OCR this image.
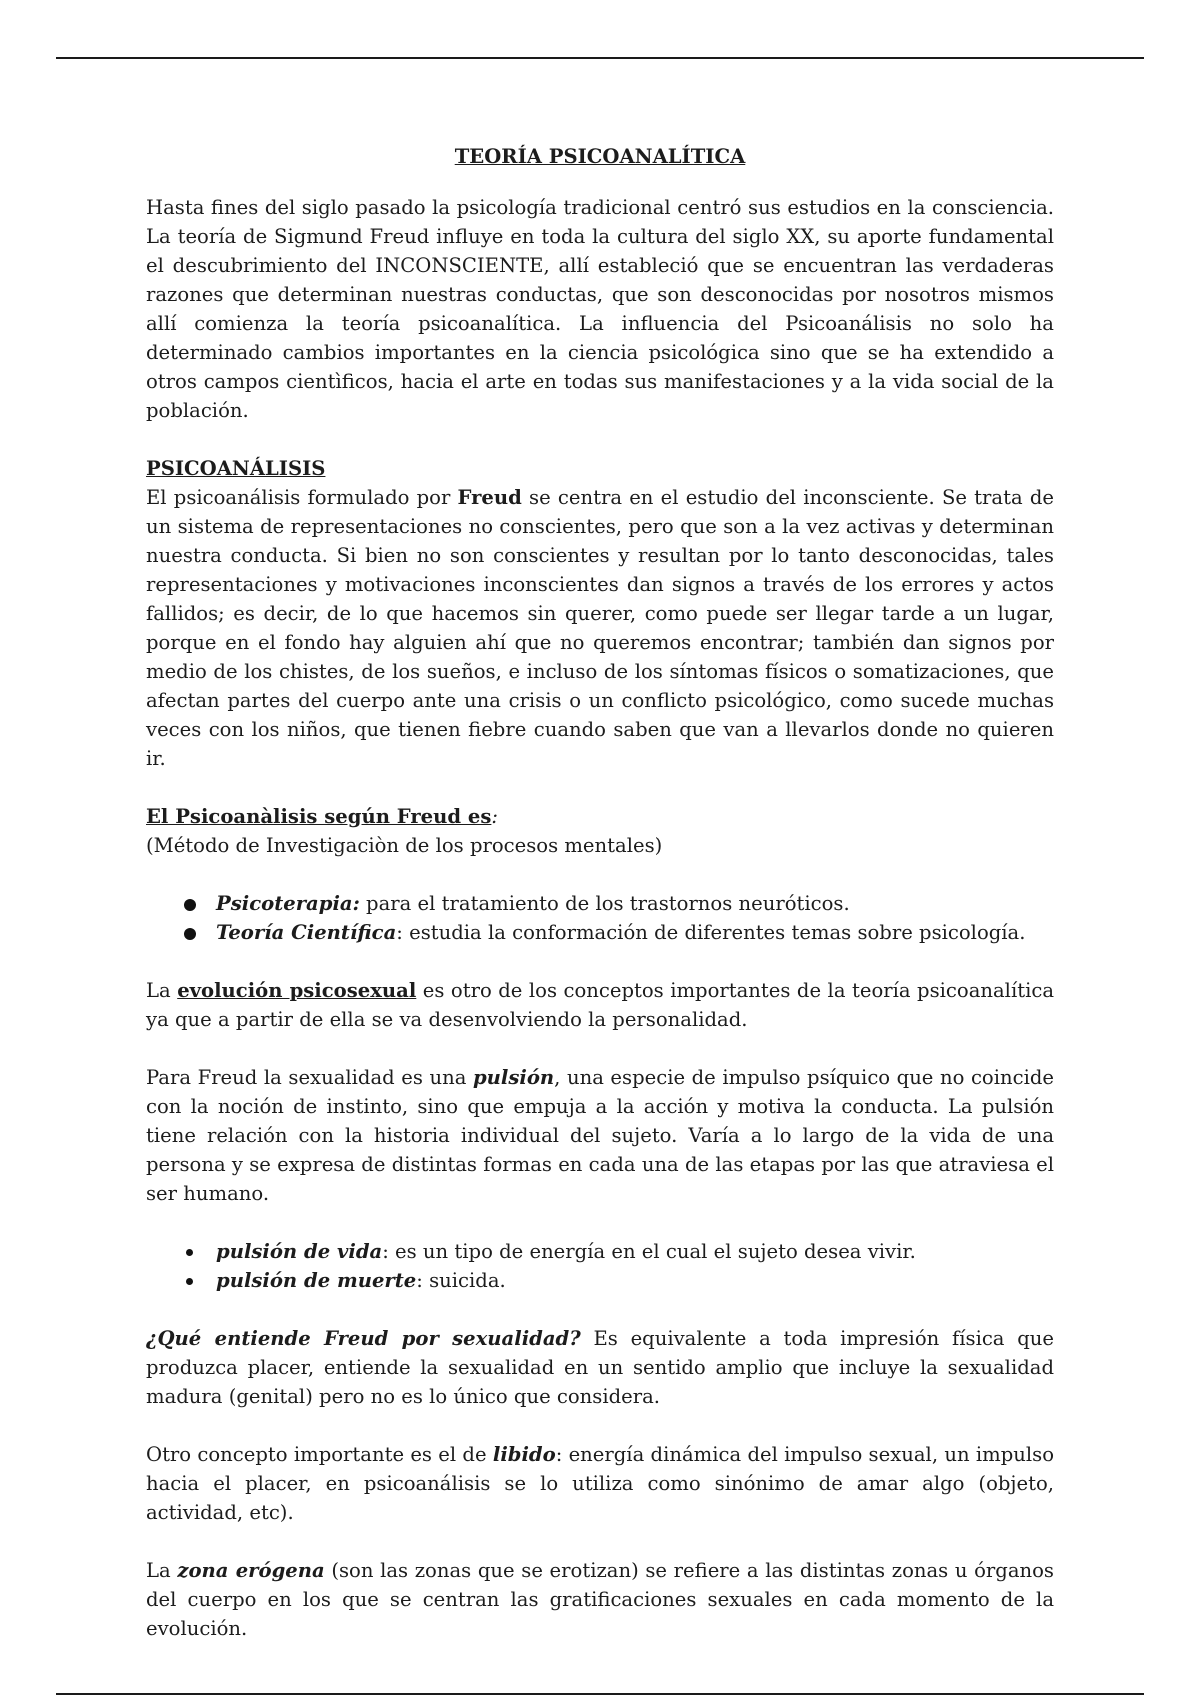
TEORÍA PSICOANALÍTICA

Hasta fines del siglo pasado la psicología tradicional centró sus estudios en la consciencia. La teoría de Sigmund Freud influye en toda la cultura del siglo XX, su aporte fundamental el descubrimiento del INCONSCIENTE, allí estableció que se encuentran las verdaderas razones que determinan nuestras conductas, que son desconocidas por nosotros mismos allí comienza la teoría psicoanalítica. La influencia del Psicoanálisis no solo ha determinado cambios importantes en la ciencia psicológica sino que se ha extendido a otros campos cientìficos, hacia el arte en todas sus manifestaciones y a la vida social de la población.

PSICOANÁLISIS

El psicoanálisis formulado por Freud se centra en el estudio del inconsciente. Se trata de un sistema de representaciones no conscientes, pero que son a la vez activas y determinan nuestra conducta. Si bien no son conscientes y resultan por lo tanto desconocidas, tales representaciones y motivaciones inconscientes dan signos a través de los errores y actos fallidos; es decir, de lo que hacemos sin querer, como puede ser llegar tarde a un lugar, porque en el fondo hay alguien ahí que no queremos encontrar; también dan signos por medio de los chistes, de los sueños, e incluso de los síntomas físicos o somatizaciones, que afectan partes del cuerpo ante una crisis o un conflicto psicológico, como sucede muchas veces con los niños, que tienen fiebre cuando saben que van a llevarlos donde no quieren ir.

El Psicoanàlisis según Freud es:

(Método de Investigaciòn de los procesos mentales)

Psicoterapia: para el tratamiento de los trastornos neuróticos.
Teoría Científica: estudia la conformación de diferentes temas sobre psicología.

La evolución psicosexual es otro de los conceptos importantes de la teoría psicoanalítica ya que a partir de ella se va desenvolviendo la personalidad.

Para Freud la sexualidad es una pulsión, una especie de impulso psíquico que no coincide con la noción de instinto, sino que empuja a la acción y motiva la conducta. La pulsión tiene relación con la historia individual del sujeto. Varía a lo largo de la vida de una persona y se expresa de distintas formas en cada una de las etapas por las que atraviesa el ser humano.

pulsión de vida: es un tipo de energía en el cual el sujeto desea vivir.
pulsión de muerte: suicida.

¿Qué entiende Freud por sexualidad? Es equivalente a toda impresión física que produzca placer, entiende la sexualidad en un sentido amplio que incluye la sexualidad madura (genital) pero no es lo único que considera.

Otro concepto importante es el de libido: energía dinámica del impulso sexual, un impulso hacia el placer, en psicoanálisis se lo utiliza como sinónimo de amar algo (objeto, actividad, etc).

La zona erógena (son las zonas que se erotizan) se refiere a las distintas zonas u órganos del cuerpo en los que se centran las gratificaciones sexuales en cada momento de la evolución.
